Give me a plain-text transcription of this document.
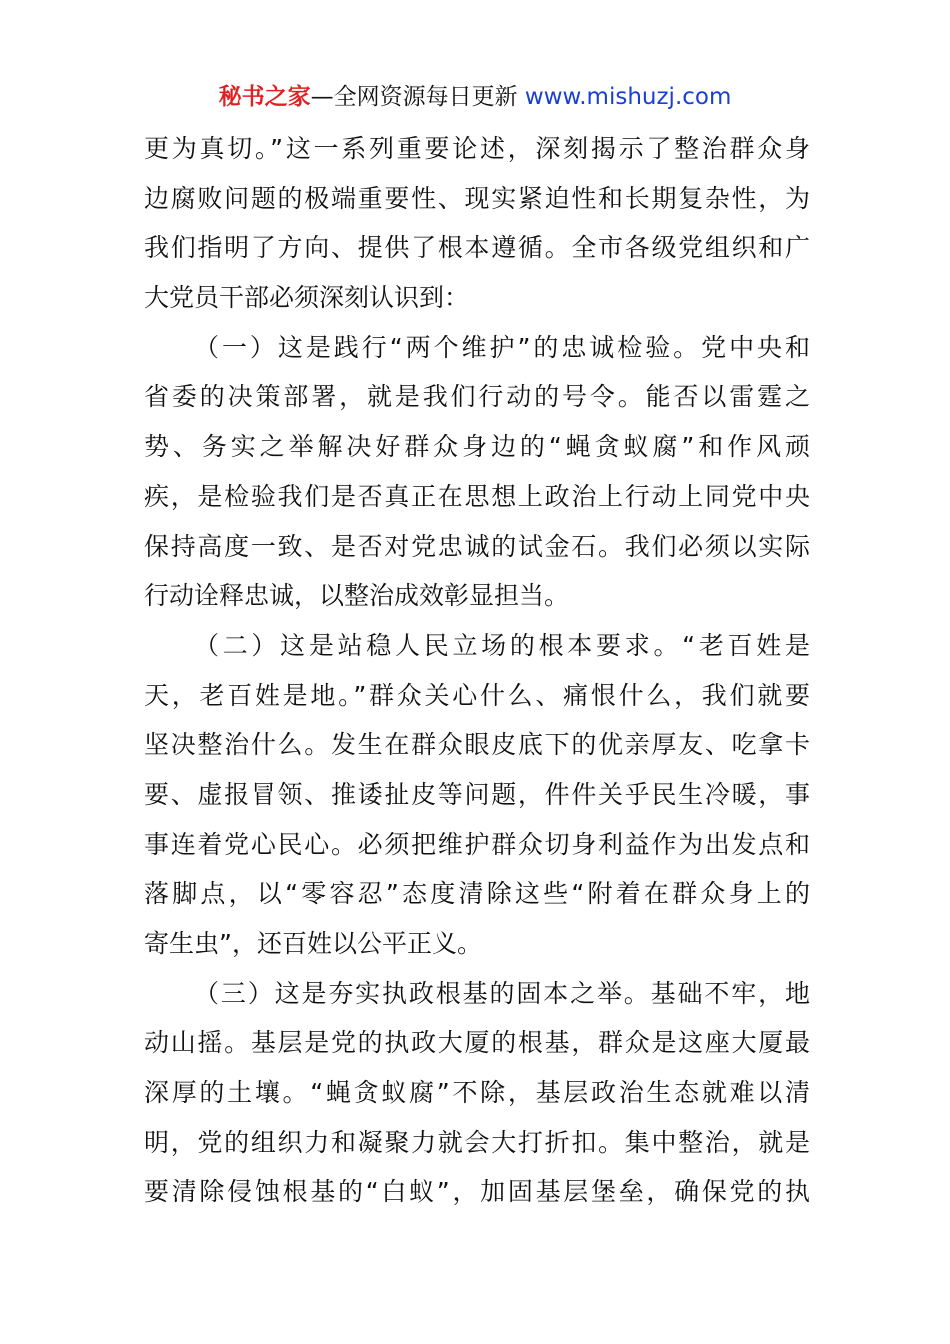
秘书之家—全网资源每日更新 www.mishuzj.com
更为真切。”这一系列重要论述，深刻揭示了整治群众身
边腐败问题的极端重要性、现实紧迫性和长期复杂性，为
我们指明了方向、提供了根本遵循。全市各级党组织和广
大党员干部必须深刻认识到：
（一）这是践行“两个维护”的忠诚检验。党中央和
省委的决策部署，就是我们行动的号令。能否以雷霆之
势、务实之举解决好群众身边的“蝇贪蚁腐”和作风顽
疾，是检验我们是否真正在思想上政治上行动上同党中央
保持高度一致、是否对党忠诚的试金石。我们必须以实际
行动诠释忠诚，以整治成效彰显担当。
（二）这是站稳人民立场的根本要求。“老百姓是
天，老百姓是地。”群众关心什么、痛恨什么，我们就要
坚决整治什么。发生在群众眼皮底下的优亲厚友、吃拿卡
要、虚报冒领、推诿扯皮等问题，件件关乎民生冷暖，事
事连着党心民心。必须把维护群众切身利益作为出发点和
落脚点，以“零容忍”态度清除这些“附着在群众身上的
寄生虫”，还百姓以公平正义。
（三）这是夯实执政根基的固本之举。基础不牢，地
动山摇。基层是党的执政大厦的根基，群众是这座大厦最
深厚的土壤。“蝇贪蚁腐”不除，基层政治生态就难以清
明，党的组织力和凝聚力就会大打折扣。集中整治，就是
要清除侵蚀根基的“白蚁”，加固基层堡垒，确保党的执
